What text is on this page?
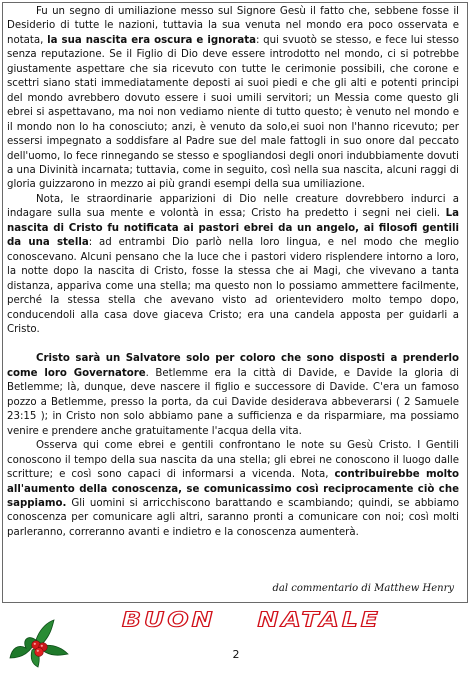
Fu un segno di umiliazione messo sul Signore Gesù il fatto che, sebbene fosse il Desiderio di tutte le nazioni, tuttavia la sua venuta nel mondo era poco osservata e notata, la sua nascita era oscura e ignorata: qui svuotò se stesso, e fece lui stesso senza reputazione. Se il Figlio di Dio deve essere introdotto nel mondo, ci si potrebbe giustamente aspettare che sia ricevuto con tutte le cerimonie possibili, che corone e scettri siano stati immediatamente deposti ai suoi piedi e che gli alti e potenti principi del mondo avrebbero dovuto essere i suoi umili servitori; un Messia come questo gli ebrei si aspettavano, ma noi non vediamo niente di tutto questo; è venuto nel mondo e il mondo non lo ha conosciuto; anzi, è venuto da solo,ei suoi non l'hanno ricevuto; per essersi impegnato a soddisfare al Padre sue del male fattogli in suo onore dal peccato dell'uomo, lo fece rinnegando se stesso e spogliandosi degli onori indubbiamente dovuti a una Divinità incarnata; tuttavia, come in seguito, così nella sua nascita, alcuni raggi di gloria guizzarono in mezzo ai più grandi esempi della sua umiliazione.

Nota, le straordinarie apparizioni di Dio nelle creature dovrebbero indurci a indagare sulla sua mente e volontà in essa; Cristo ha predetto i segni nei cieli. La nascita di Cristo fu notificata ai pastori ebrei da un angelo, ai filosofi gentili da una stella: ad entrambi Dio parlò nella loro lingua, e nel modo che meglio conoscevano. Alcuni pensano che la luce che i pastori videro risplendere intorno a loro, la notte dopo la nascita di Cristo, fosse la stessa che ai Magi, che vivevano a tanta distanza, appariva come una stella; ma questo non lo possiamo ammettere facilmente, perché la stessa stella che avevano visto ad orientevidero molto tempo dopo, conducendoli alla casa dove giaceva Cristo; era una candela apposta per guidarli a Cristo.

Cristo sarà un Salvatore solo per coloro che sono disposti a prenderlo come loro Governatore. Betlemme era la città di Davide, e Davide la gloria di Betlemme; là, dunque, deve nascere il figlio e successore di Davide. C'era un famoso pozzo a Betlemme, presso la porta, da cui Davide desiderava abbeverarsi ( 2 Samuele 23:15 ); in Cristo non solo abbiamo pane a sufficienza e da risparmiare, ma possiamo venire e prendere anche gratuitamente l'acqua della vita.

Osserva qui come ebrei e gentili confrontano le note su Gesù Cristo. I Gentili conoscono il tempo della sua nascita da una stella; gli ebrei ne conoscono il luogo dalle scritture; e così sono capaci di informarsi a vicenda. Nota, contribuirebbe molto all'aumento della conoscenza, se comunicassimo così reciprocamente ciò che sappiamo. Gli uomini si arricchiscono barattando e scambiando; quindi, se abbiamo conoscenza per comunicare agli altri, saranno pronti a comunicare con noi; così molti parleranno, correranno avanti e indietro e la conoscenza aumenterà.

dal commentario di Matthew Henry
BUON NATALE
2
